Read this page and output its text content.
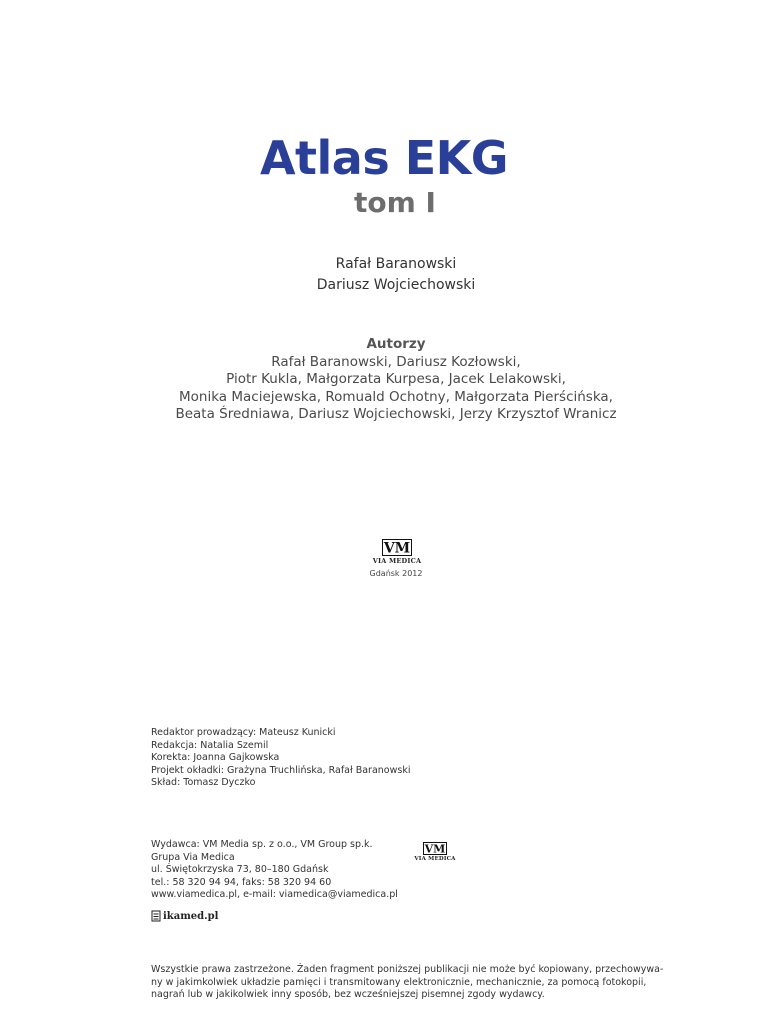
Atlas EKG
tom I
Rafał Baranowski
Dariusz Wojciechowski
Autorzy
Rafał Baranowski, Dariusz Kozłowski,
Piotr Kukla, Małgorzata Kurpesa, Jacek Lelakowski,
Monika Maciejewska, Romuald Ochotny, Małgorzata Pierścińska,
Beata Średniawa, Dariusz Wojciechowski, Jerzy Krzysztof Wranicz
VM
VIA MEDICA
Gdańsk 2012
Redaktor prowadzący: Mateusz Kunicki
Redakcja: Natalia Szemil
Korekta: Joanna Gajkowska
Projekt okładki: Grażyna Truchlińska, Rafał Baranowski
Skład: Tomasz Dyczko
Wydawca: VM Media sp. z o.o., VM Group sp.k.
Grupa Via Medica
ul. Świętokrzyska 73, 80–180 Gdańsk
tel.: 58 320 94 94, faks: 58 320 94 60
www.viamedica.pl, e-mail: viamedica@viamedica.pl
VM
VIA MEDICA
ikamed.pl
Wszystkie prawa zastrzeżone. Żaden fragment poniższej publikacji nie może być kopiowany, przechowywa-
ny w jakimkolwiek układzie pamięci i transmitowany elektronicznie, mechanicznie, za pomocą fotokopii,
nagrań lub w jakikolwiek inny sposób, bez wcześniejszej pisemnej zgody wydawcy.
